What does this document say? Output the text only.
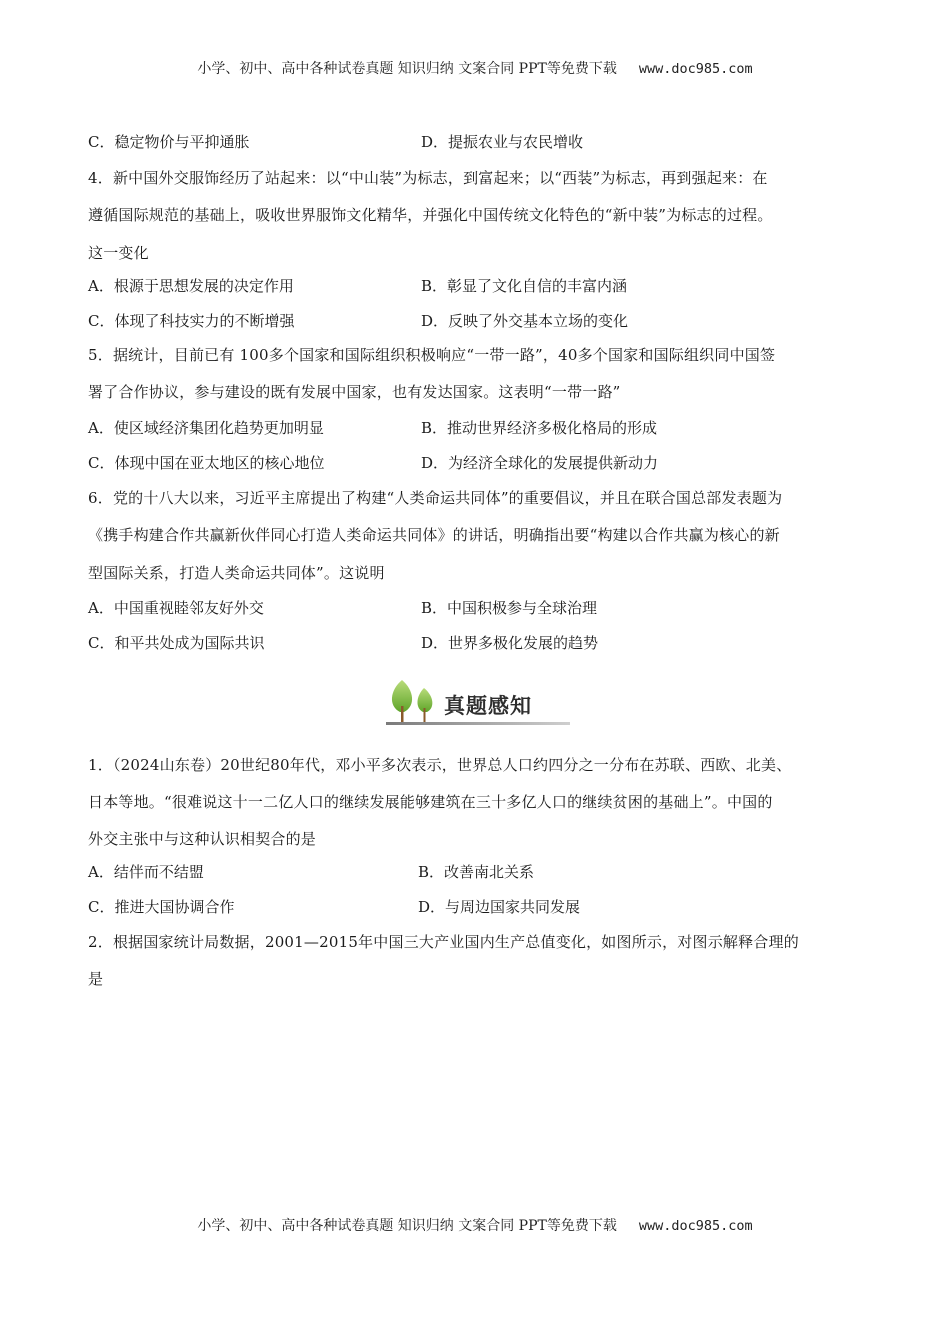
小学、初中、高中各种试卷真题 知识归纳 文案合同 PPT等免费下载 www.doc985.com
C．稳定物价与平抑通胀	D．提振农业与农民增收
4．新中国外交服饰经历了站起来：以“中山装”为标志，到富起来；以“西装”为标志，再到强起来：在
遵循国际规范的基础上，吸收世界服饰文化精华，并强化中国传统文化特色的“新中装”为标志的过程。
这一变化
A．根源于思想发展的决定作用	B．彰显了文化自信的丰富内涵
C．体现了科技实力的不断增强	D．反映了外交基本立场的变化
5．据统计，目前已有 100多个国家和国际组织积极响应“一带一路”，40多个国家和国际组织同中国签
署了合作协议，参与建设的既有发展中国家，也有发达国家。这表明“一带一路”
A．使区域经济集团化趋势更加明显	B．推动世界经济多极化格局的形成
C．体现中国在亚太地区的核心地位	D．为经济全球化的发展提供新动力
6．党的十八大以来，习近平主席提出了构建“人类命运共同体”的重要倡议，并且在联合国总部发表题为
《携手构建合作共赢新伙伴同心打造人类命运共同体》的讲话，明确指出要“构建以合作共赢为核心的新
型国际关系，打造人类命运共同体”。这说明
A．中国重视睦邻友好外交	B．中国积极参与全球治理
C．和平共处成为国际共识	D．世界多极化发展的趋势
真题感知
1．（2024山东卷）20世纪80年代，邓小平多次表示，世界总人口约四分之一分布在苏联、西欧、北美、
日本等地。“很难说这十一二亿人口的继续发展能够建筑在三十多亿人口的继续贫困的基础上”。中国的
外交主张中与这种认识相契合的是
A．结伴而不结盟	B．改善南北关系
C．推进大国协调合作	D．与周边国家共同发展
2．根据国家统计局数据，2001—2015年中国三大产业国内生产总值变化，如图所示，对图示解释合理的
是
小学、初中、高中各种试卷真题 知识归纳 文案合同 PPT等免费下载 www.doc985.com
